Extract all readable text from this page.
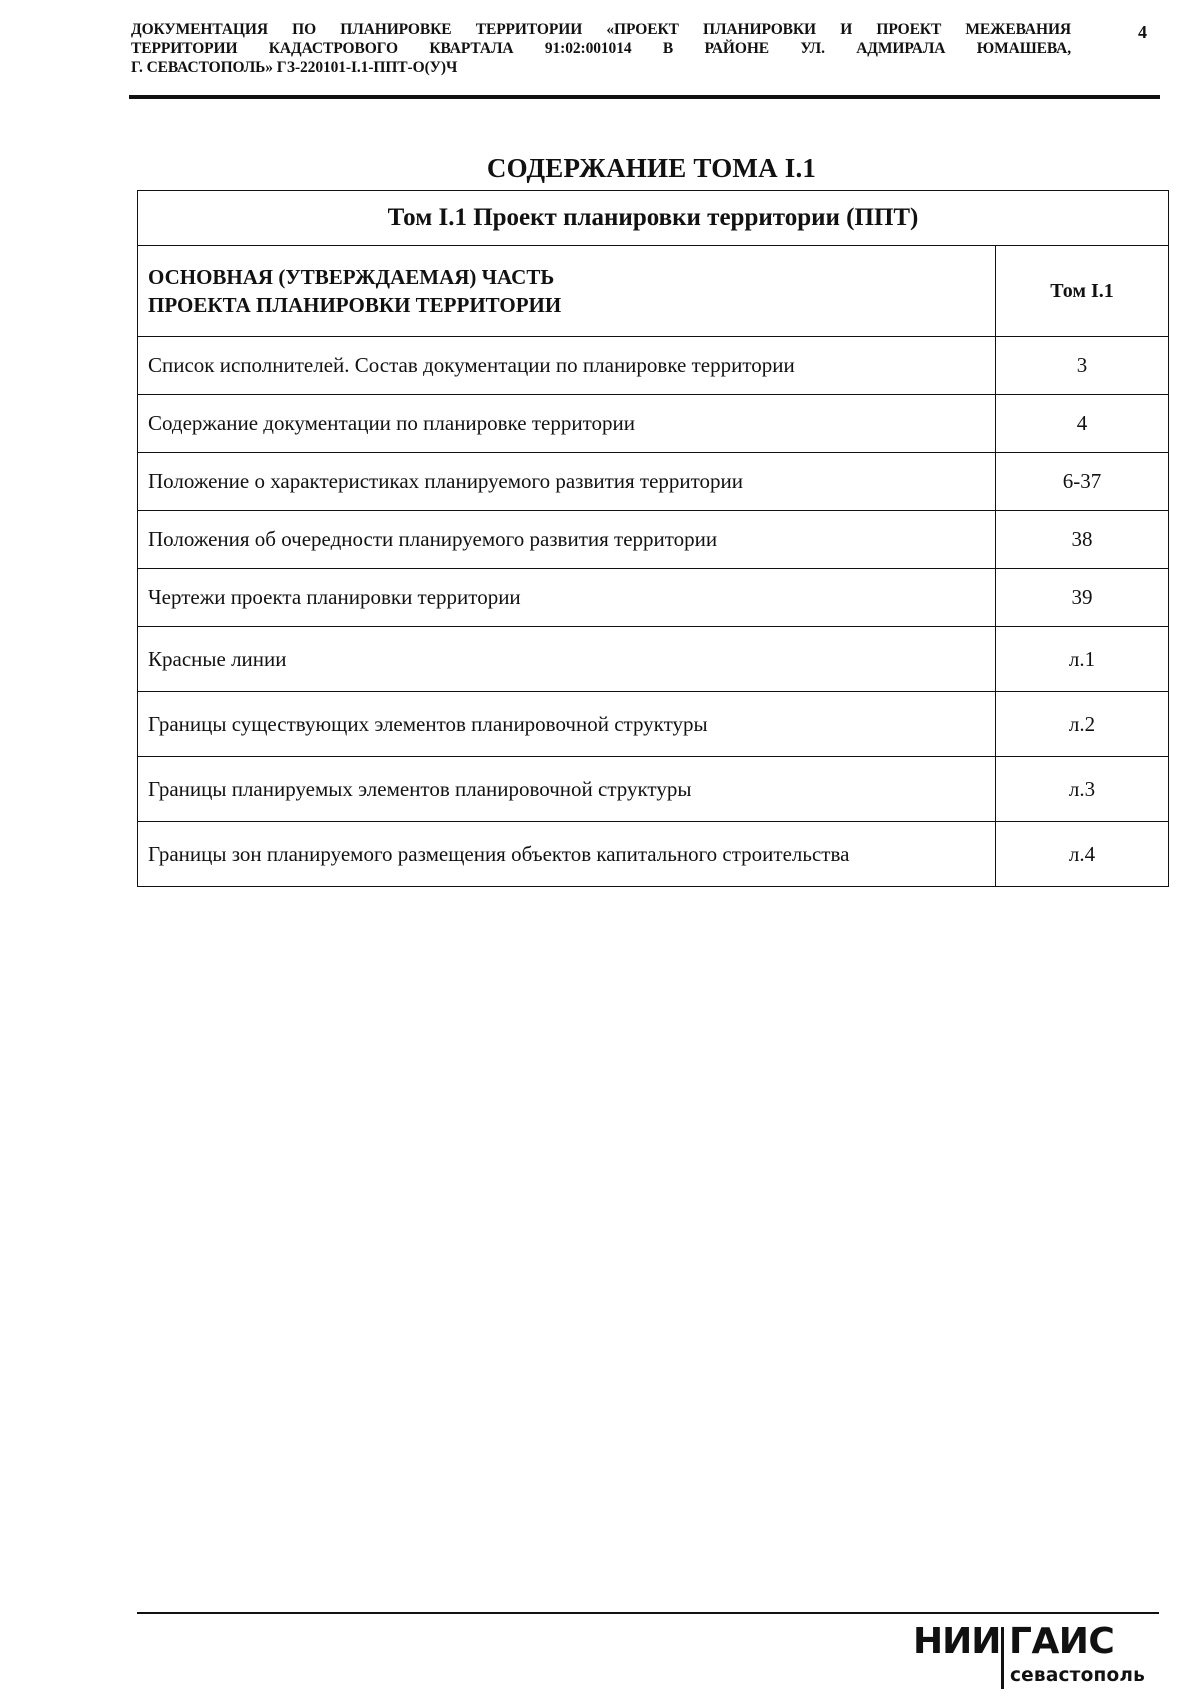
ДОКУМЕНТАЦИЯ ПО ПЛАНИРОВКЕ ТЕРРИТОРИИ «ПРОЕКТ ПЛАНИРОВКИ И ПРОЕКТ МЕЖЕВАНИЯ
ТЕРРИТОРИИ КАДАСТРОВОГО КВАРТАЛА 91:02:001014 В РАЙОНЕ УЛ. АДМИРАЛА ЮМАШЕВА,
Г. СЕВАСТОПОЛЬ» ГЗ-220101-І.1-ППТ-О(У)Ч
4
СОДЕРЖАНИЕ ТОМА I.1
Том I.1 Проект планировки территории (ППТ)	

ОСНОВНАЯ (УТВЕРЖДАЕМАЯ) ЧАСТЬ
ПРОЕКТА ПЛАНИРОВКИ ТЕРРИТОРИИ	Том I.1
Список исполнителей. Состав документации по планировке территории	3
Содержание документации по планировке территории	4
Положение о характеристиках планируемого развития территории	6-37
Положения об очередности планируемого развития территории	38
Чертежи проекта планировки территории	39
Красные линии	л.1
Границы существующих элементов планировочной структуры	л.2
Границы планируемых элементов планировочной структуры	л.3
Границы зон планируемого размещения объектов капитального строительства	л.4
НИИ ГАИС
севастополь
